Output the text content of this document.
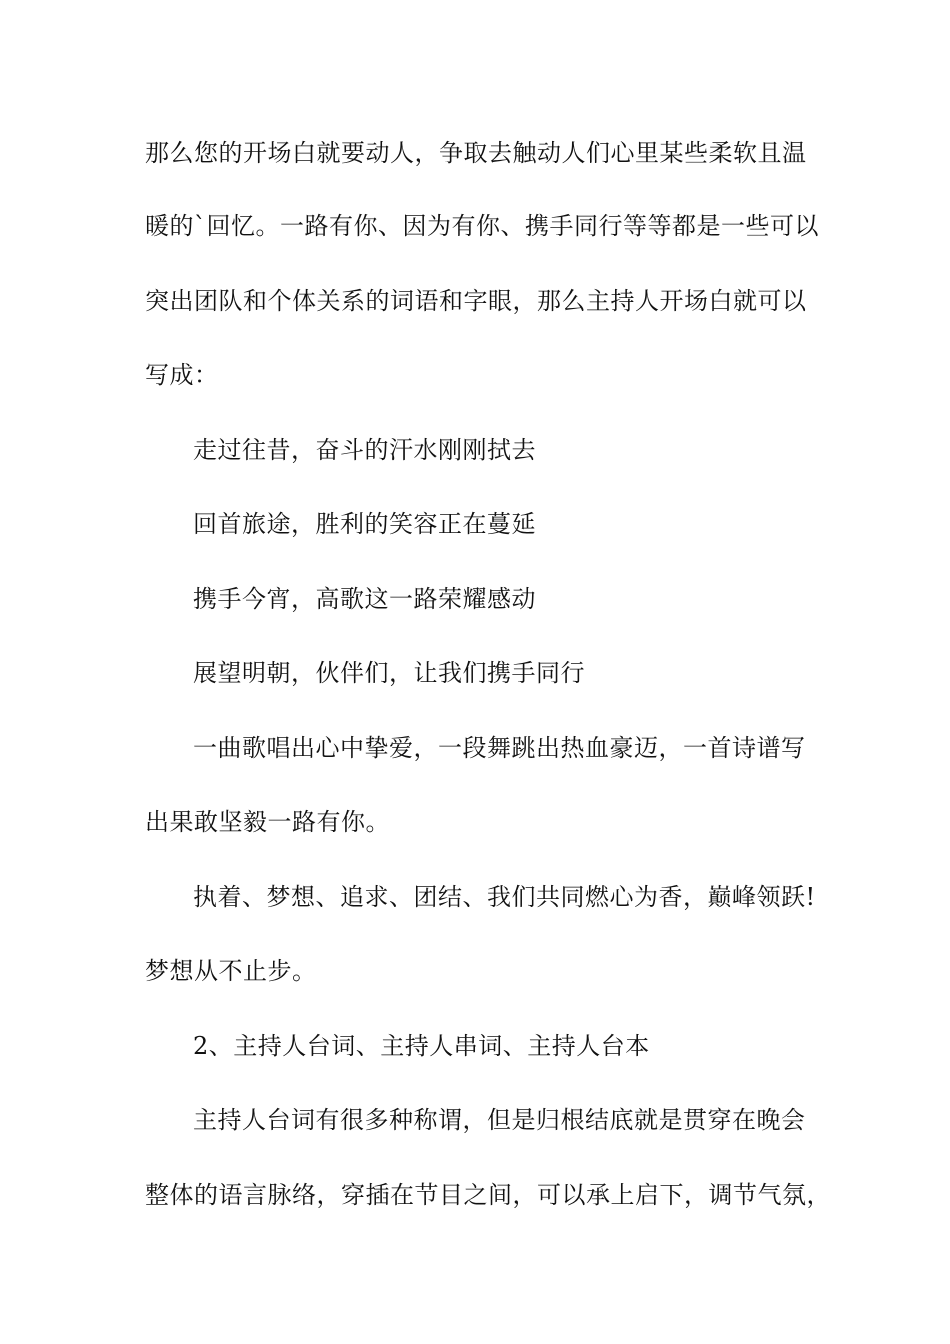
那么您的开场白就要动人，争取去触动人们心里某些柔软且温
暖的`回忆。一路有你、因为有你、携手同行等等都是一些可以
突出团队和个体关系的词语和字眼，那么主持人开场白就可以
写成：
走过往昔，奋斗的汗水刚刚拭去
回首旅途，胜利的笑容正在蔓延
携手今宵，高歌这一路荣耀感动
展望明朝，伙伴们，让我们携手同行
一曲歌唱出心中挚爱，一段舞跳出热血豪迈，一首诗谱写
出果敢坚毅一路有你。
执着、梦想、追求、团结、我们共同燃心为香，巅峰领跃!
梦想从不止步。
2、主持人台词、主持人串词、主持人台本
主持人台词有很多种称谓，但是归根结底就是贯穿在晚会
整体的语言脉络，穿插在节目之间，可以承上启下，调节气氛，
